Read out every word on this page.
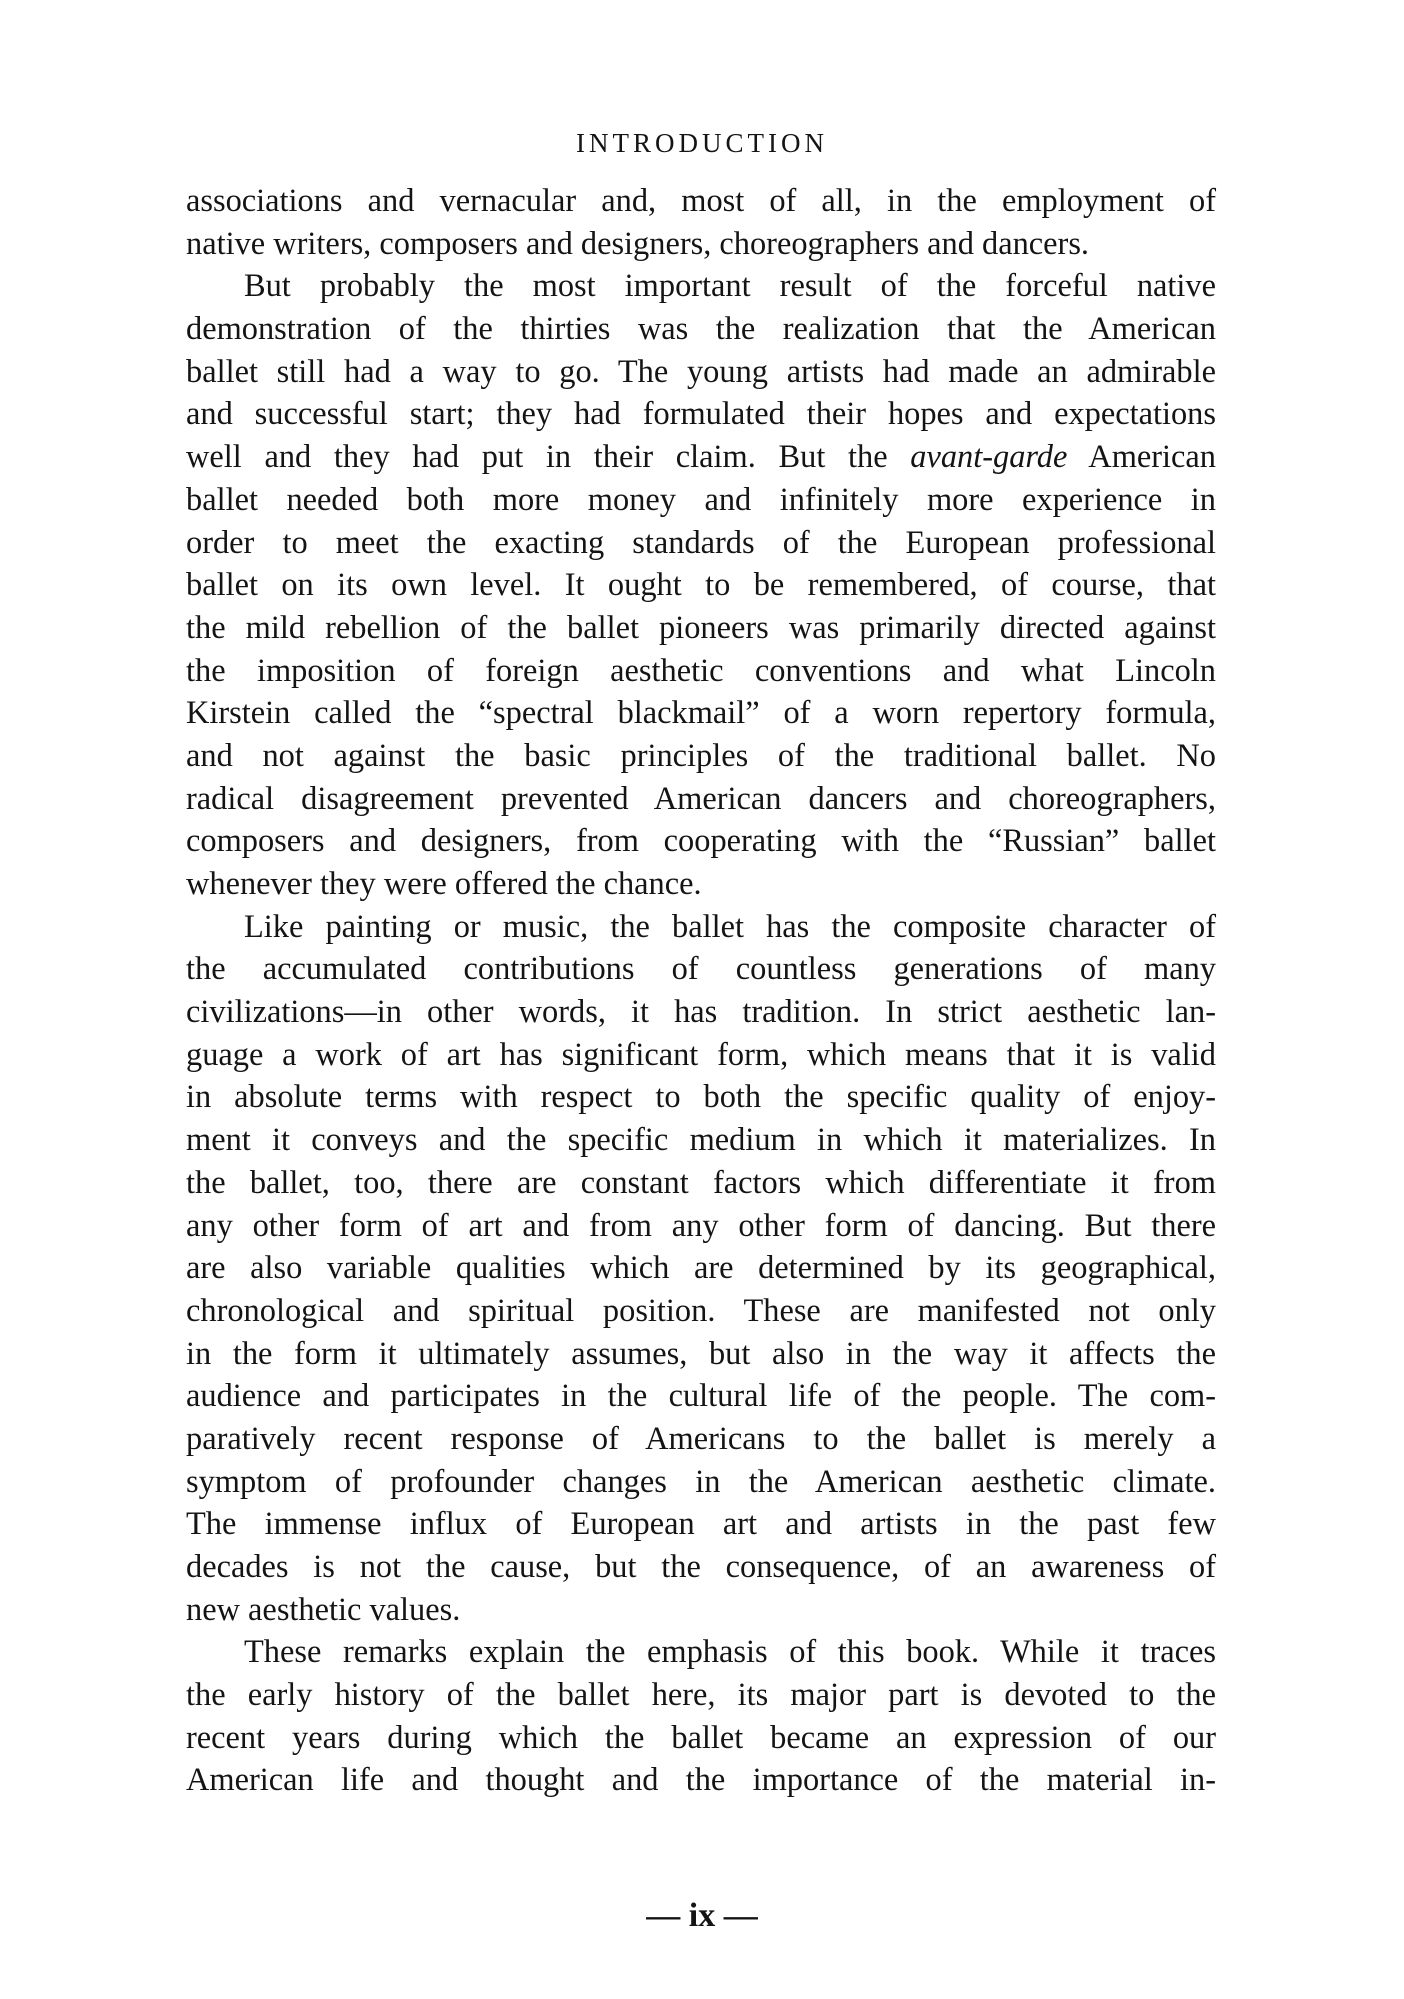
INTRODUCTION
associations and vernacular and, most of all, in the employment of
native writers, composers and designers, choreographers and dancers.
But probably the most important result of the forceful native
demonstration of the thirties was the realization that the American
ballet still had a way to go. The young artists had made an admirable
and successful start; they had formulated their hopes and expectations
well and they had put in their claim. But the avant-garde American
ballet needed both more money and infinitely more experience in
order to meet the exacting standards of the European professional
ballet on its own level. It ought to be remembered, of course, that
the mild rebellion of the ballet pioneers was primarily directed against
the imposition of foreign aesthetic conventions and what Lincoln
Kirstein called the “spectral blackmail” of a worn repertory formula,
and not against the basic principles of the traditional ballet. No
radical disagreement prevented American dancers and choreographers,
composers and designers, from cooperating with the “Russian” ballet
whenever they were offered the chance.
Like painting or music, the ballet has the composite character of
the accumulated contributions of countless generations of many
civilizations—in other words, it has tradition. In strict aesthetic lan-
guage a work of art has significant form, which means that it is valid
in absolute terms with respect to both the specific quality of enjoy-
ment it conveys and the specific medium in which it materializes. In
the ballet, too, there are constant factors which differentiate it from
any other form of art and from any other form of dancing. But there
are also variable qualities which are determined by its geographical,
chronological and spiritual position. These are manifested not only
in the form it ultimately assumes, but also in the way it affects the
audience and participates in the cultural life of the people. The com-
paratively recent response of Americans to the ballet is merely a
symptom of profounder changes in the American aesthetic climate.
The immense influx of European art and artists in the past few
decades is not the cause, but the consequence, of an awareness of
new aesthetic values.
These remarks explain the emphasis of this book. While it traces
the early history of the ballet here, its major part is devoted to the
recent years during which the ballet became an expression of our
American life and thought and the importance of the material in-
— ix —
